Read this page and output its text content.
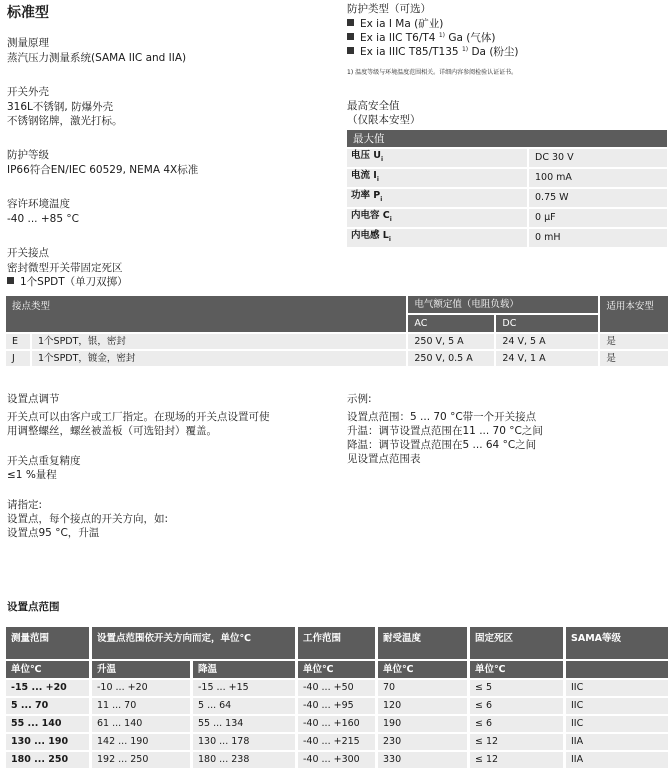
标准型

测量原理

蒸汽压力测量系统(SAMA IIC and IIA)

开关外壳

316L不锈钢, 防爆外壳

不锈钢铭牌，激光打标。

防护等级

IP66符合EN/IEC 60529, NEMA 4X标准

容许环境温度

-40 ... +85 °C

开关接点

密封微型开关带固定死区

1个SPDT（单刀双掷）

防护类型（可选）

Ex ia I Ma (矿业)

Ex ia IIC T6/T4 $^{1)}$ Ga (气体)

Ex ia IIIC T85/T135 $^{1)}$ Da (粉尘)

1) 温度等级与环境温度范围相关。详细内容参阅检验认证证书。

最高安全值

（仅限本安型）

最大值	
电压 $U_i$	DC 30 V
电流 $I_i$	100 mA
功率 $P_i$	0.75 W
内电容 $C_i$	0 µF
内电感 $L_i$	0 mH
接点类型		电气额定值（电阻负载）		适用本安型
		AC	DC	
E	1个SPDT，银，密封	250 V, 5 A	24 V, 5 A	是
J	1个SPDT，镀金，密封	250 V, 0.5 A	24 V, 1 A	是

设置点调节

开关点可以由客户或工厂指定。在现场的开关点设置可使

用调整螺丝，螺丝被盖板（可选铅封）覆盖。

开关点重复精度

≤1 %量程

请指定:

设置点，每个接点的开关方向，如:

设置点95 °C，升温

示例:

设置点范围：5 ... 70 °C带一个开关接点

升温：调节设置点范围在11 ... 70 °C之间

降温：调节设置点范围在5 ... 64 °C之间

见设置点范围表

设置点范围
测量范围	设置点范围依开关方向而定，单位℃		工作范围	耐受温度	固定死区	SAMA等级
单位℃	升温	降温	单位℃	单位℃	单位℃	
-15 ... +20	-10 ... +20	-15 ... +15	-40 ... +50	70	≤ 5	IIC
5 ... 70	11 ... 70	5 ... 64	-40 ... +95	120	≤ 6	IIC
55 ... 140	61 ... 140	55 ... 134	-40 ... +160	190	≤ 6	IIC
130 ... 190	142 ... 190	130 ... 178	-40 ... +215	230	≤ 12	IIA
180 ... 250	192 ... 250	180 ... 238	-40 ... +300	330	≤ 12	IIA
